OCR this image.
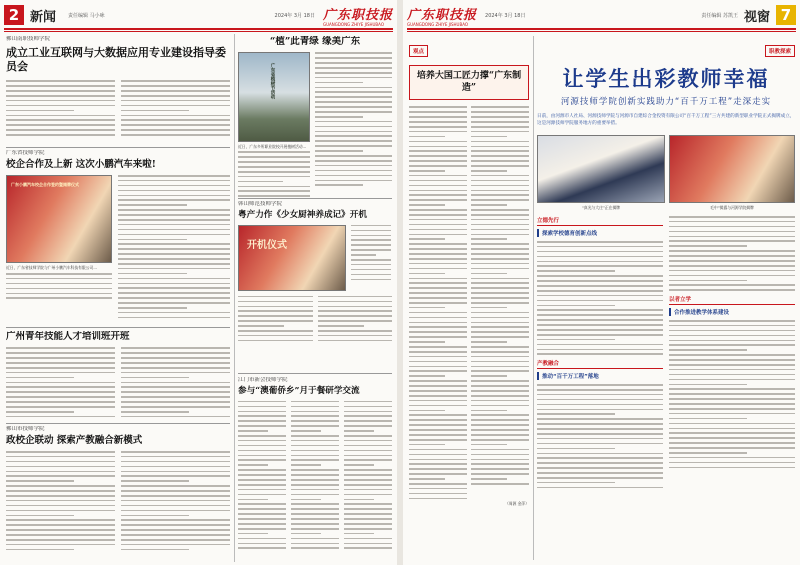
2 新闻 责任编辑 马小咏	2024年 3月 18日 广东职技报
GUANGDONG ZHIYE JISHUBAO
佛山南职技师学院
成立工业互联网与大数据应用专业建设指导委员会
广东省技师学院
校企合作及上新 这次小鹏汽车来啦!
广东小鹏汽车校企合作签约暨揭牌仪式
近日，广东省技师学院与广州小鹏汽车科技有限公司...
广州青年技能人才培训班开班
佛山市技师学院
政校企联动 探索产教融合新模式
“植”此青绿 缘美广东
广东省植树节活动
近日，广东多所职业院校开展植树活动...
韩山师范技师学院
粤产力作《少女厨神养成记》开机
开机仪式
江门市新会技师学院
参与“澳葡侨乡”月于餐研学交流
广东职技报
GUANGDONG ZHIYE JISHUBAO
2024年 3月 18日	责任编辑 苏凯王 视窗 7
观点
培养大国工匠力撑“广东制造”
（周源 金萍）
职教探索
让学生出彩教师幸福
河源技师学院创新实践助力“百千万工程”走深走实
日前，由河源市人社局、河源技师学院与河源市自建综合金投资有限公司“百千万工程”三方共建的新型职业学院正式揭牌成立，这是河源技师学院服务地方的重要举措。
“真光与大庄”正在揭牌	毛中”揭露与河源学院揭牌
立德先行
探索学校德育创新点线
产教融合
推动“百千万工程”落地
以者立学
合作推进教学体系建设
